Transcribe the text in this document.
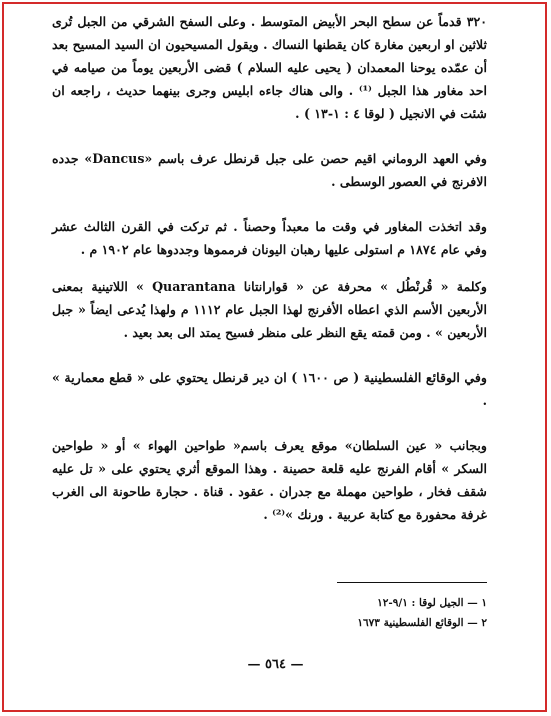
٣٢٠ قدماً عن سطح البحر الأبيض المتوسط . وعلى السفح الشرقي من الجبل تُرى ثلاثين او اربعين مغارة كان يقطنها النساك . ويقول المسيحيون ان السيد المسيح بعد أن عمّده يوحنا المعمدان ( يحيى عليه السلام ) قضى الأربعين يوماً من صيامه في احد مغاور هذا الجبل ⁽¹⁾ . والى هناك جاءه ابليس وجرى بينهما حديث ، راجعه ان شئت في الانجيل ( لوقا ٤ : ١-١٣ ) .

وفي العهد الروماني اقيم حصن على جبل قرنطل عرف باسم «Dancus» جدده الافرنج في العصور الوسطى .

وقد اتخذت المغاور في وقت ما معبداً وحصناً . ثم تركت في القرن الثالث عشر وفي عام ١٨٧٤ م استولى عليها رهبان اليونان فرمموها وجددوها عام ١٩٠٢ م .

وكلمة « قُرنْطُل » محرفة عن « قوارانتانا Quarantana » اللاتينية بمعنى الأربعين الأسم الذي اعطاه الأفرنج لهذا الجبل عام ١١١٢ م ولهذا يُدعى ايضاً « جبل الأربعين » . ومن قمته يقع النظر على منظر فسيح يمتد الى بعد بعيد .

وفي الوقائع الفلسطينية ( ص ١٦٠٠ ) ان دير قرنطل يحتوي على « قطع معمارية » .

وبجانب « عين السلطان» موقع يعرف باسم« طواحين الهواء » أو « طواحين السكر » أقام الفرنج عليه قلعة حصينة . وهذا الموقع أثري يحتوي على « تل عليه شقف فخار ، طواحين مهملة مع جدران . عقود . قناة . حجارة طاحونة الى الغرب غرفة محفورة مع كتابة عربية . ورنك »⁽²⁾ .

١ — الجيل لوقا : ٩/١-١٢
٢ — الوقائع الفلسطينية ١٦٧٣
— ٥٦٤ —
